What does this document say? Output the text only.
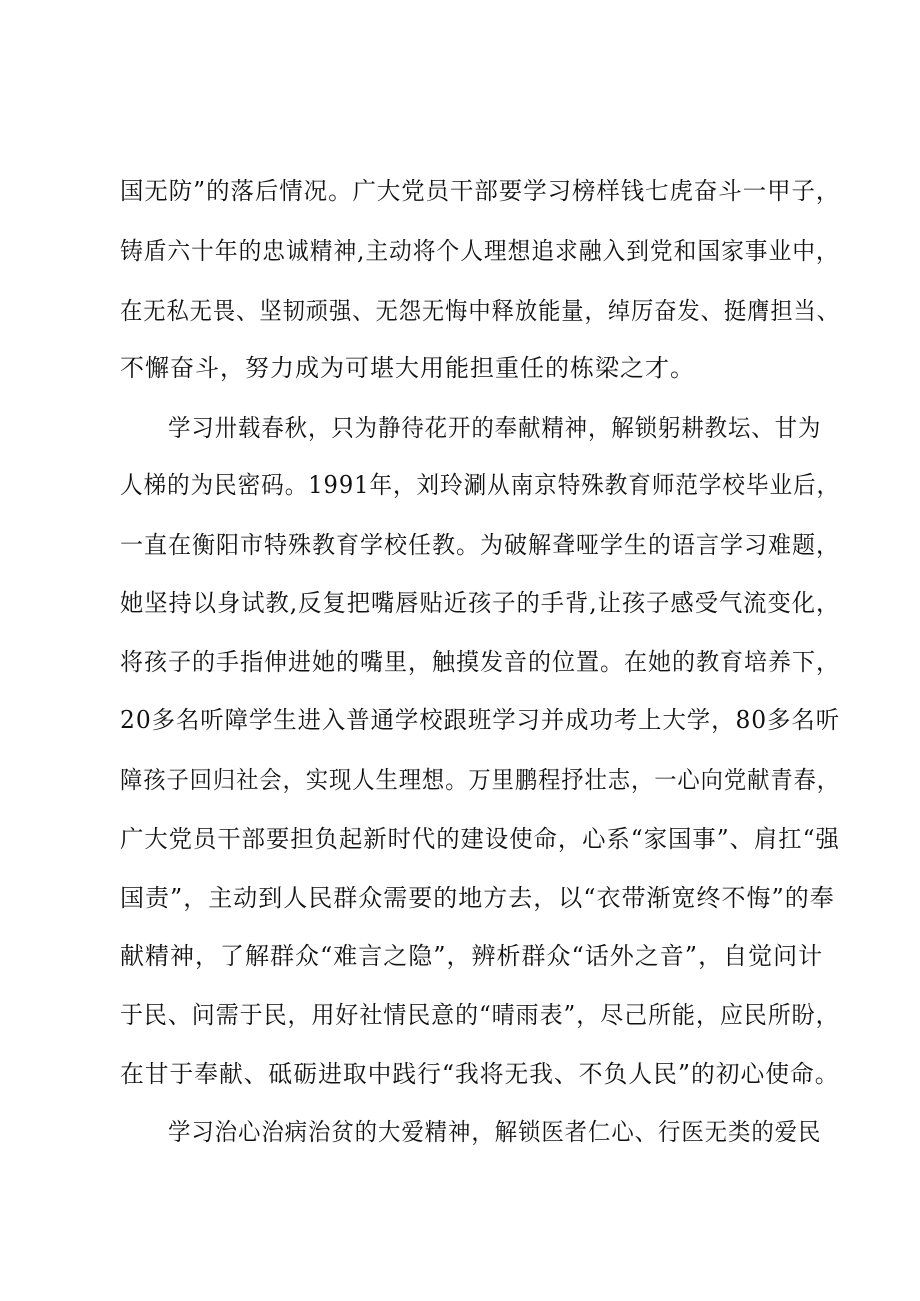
国无防”的落后情况。广大党员干部要学习榜样钱七虎奋斗一甲子，
铸盾六十年的忠诚精神,主动将个人理想追求融入到党和国家事业中，
在无私无畏、坚韧顽强、无怨无悔中释放能量，绰厉奋发、挺膺担当、
不懈奋斗，努力成为可堪大用能担重任的栋梁之才。
学习卅载春秋，只为静待花开的奉献精神，解锁躬耕教坛、甘为
人梯的为民密码。1991年，刘玲涮从南京特殊教育师范学校毕业后，
一直在衡阳市特殊教育学校任教。为破解聋哑学生的语言学习难题，
她坚持以身试教,反复把嘴唇贴近孩子的手背,让孩子感受气流变化，
将孩子的手指伸进她的嘴里，触摸发音的位置。在她的教育培养下，
20多名听障学生进入普通学校跟班学习并成功考上大学，80多名听
障孩子回归社会，实现人生理想。万里鹏程抒壮志，一心向党献青春，
广大党员干部要担负起新时代的建设使命，心系“家国事”、肩扛“强
国责”，主动到人民群众需要的地方去，以“衣带渐宽终不悔”的奉
献精神，了解群众“难言之隐”，辨析群众“话外之音”，自觉问计
于民、问需于民，用好社情民意的“晴雨表”，尽己所能，应民所盼，
在甘于奉献、砥砺进取中践行“我将无我、不负人民”的初心使命。
学习治心治病治贫的大爱精神，解锁医者仁心、行医无类的爱民
